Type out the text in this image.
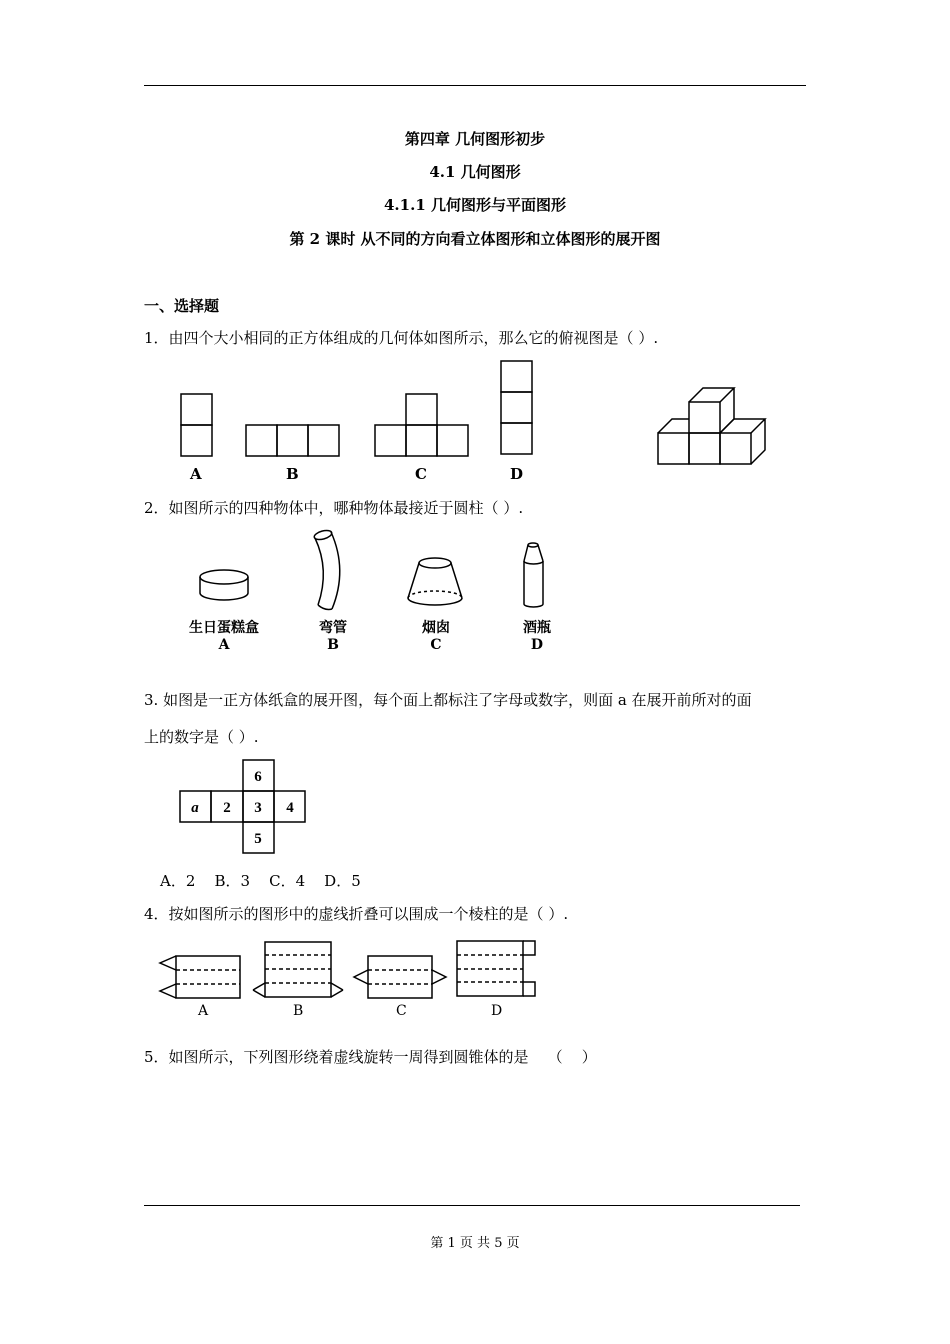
第四章 几何图形初步
4.1 几何图形
4.1.1 几何图形与平面图形
第 2 课时 从不同的方向看立体图形和立体图形的展开图
一、选择题
1．由四个大小相同的正方体组成的几何体如图所示，那么它的俯视图是（ ）.
A	B	C	D
2．如图所示的四种物体中，哪种物体最接近于圆柱（ ）.
生日蛋糕盒	弯管	烟囱	酒瓶
A	B	C	D
3. 如图是一正方体纸盒的展开图，每个面上都标注了字母或数字，则面 a 在展开前所对的面
上的数字是（ ）.
6
a 2 3 4
5
A．2    B．3    C．4    D．5
4．按如图所示的图形中的虚线折叠可以围成一个棱柱的是（ ）.
A	B	C	D
5．如图所示，下列图形绕着虚线旋转一周得到圆锥体的是    （    ）
第 1 页 共 5 页
